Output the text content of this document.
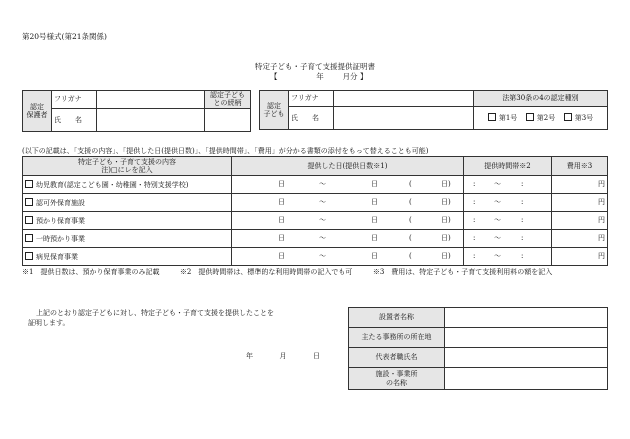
第20号様式(第21条関係)
特定子ども・子育て支援提供証明書
【	年	月分 】
認定
保護者	フリガナ		認定子ども
との続柄
	氏　　名		
認定
子ども	フリガナ		法第30条の4の認定種別
	氏　　名		第1号 第2号 第3号
(以下の記載は、「支援の内容」、「提供した日(提供日数)」、「提供時間帯」、「費用」が分かる書類の添付をもって替えることも可能)
特定子ども・子育て支援の内容
注)□にレを記入	提供した日(提供日数※1)	提供時間帯※2	費用※3
幼児教育(認定こども園・幼稚園・特別支援学校)	日 〜 日 ( 日)	: 〜 :	円
認可外保育施設	日 〜 日 ( 日)	: 〜 :	円
預かり保育事業	日 〜 日 ( 日)	: 〜 :	円
一時預かり事業	日 〜 日 ( 日)	: 〜 :	円
病児保育事業	日 〜 日 ( 日)	: 〜 :	円
※1　提供日数は、預かり保育事業のみ記載	※2　提供時間帯は、標準的な利用時間帯の記入でも可	※3　費用は、特定子ども・子育て支援利用料の額を記入
上記のとおり認定子どもに対し、特定子ども・子育て支援を提供したことを
証明します。
年	月	日
設置者名称	
主たる事務所の所在地	
代表者職氏名	
施設・事業所
の名称	
